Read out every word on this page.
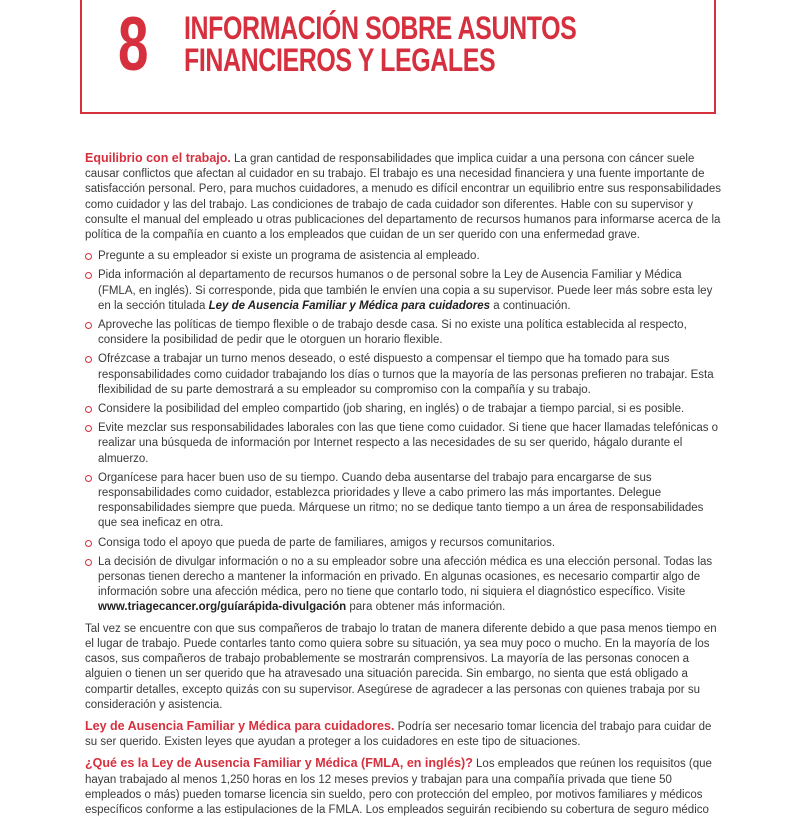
8 INFORMACIÓN SOBRE ASUNTOS
FINANCIEROS Y LEGALES

Equilibrio con el trabajo. La gran cantidad de responsabilidades que implica cuidar a una persona con cáncer suele causar conflictos que afectan al cuidador en su trabajo. El trabajo es una necesidad financiera y una fuente importante de satisfacción personal. Pero, para muchos cuidadores, a menudo es difícil encontrar un equilibrio entre sus responsabilidades como cuidador y las del trabajo. Las condiciones de trabajo de cada cuidador son diferentes. Hable con su supervisor y consulte el manual del empleado u otras publicaciones del departamento de recursos humanos para informarse acerca de la política de la compañía en cuanto a los empleados que cuidan de un ser querido con una enfermedad grave.

Pregunte a su empleador si existe un programa de asistencia al empleado.
Pida información al departamento de recursos humanos o de personal sobre la Ley de Ausencia Familiar y Médica (FMLA, en inglés). Si corresponde, pida que también le envíen una copia a su supervisor. Puede leer más sobre esta ley en la sección titulada Ley de Ausencia Familiar y Médica para cuidadores a continuación.
Aproveche las políticas de tiempo flexible o de trabajo desde casa. Si no existe una política establecida al respecto, considere la posibilidad de pedir que le otorguen un horario flexible.
Ofrézcase a trabajar un turno menos deseado, o esté dispuesto a compensar el tiempo que ha tomado para sus responsabilidades como cuidador trabajando los días o turnos que la mayoría de las personas prefieren no trabajar. Esta flexibilidad de su parte demostrará a su empleador su compromiso con la compañía y su trabajo.
Considere la posibilidad del empleo compartido (job sharing, en inglés) o de trabajar a tiempo parcial, si es posible.
Evite mezclar sus responsabilidades laborales con las que tiene como cuidador. Si tiene que hacer llamadas telefónicas o realizar una búsqueda de información por Internet respecto a las necesidades de su ser querido, hágalo durante el almuerzo.
Organícese para hacer buen uso de su tiempo. Cuando deba ausentarse del trabajo para encargarse de sus responsabilidades como cuidador, establezca prioridades y lleve a cabo primero las más importantes. Delegue responsabilidades siempre que pueda. Márquese un ritmo; no se dedique tanto tiempo a un área de responsabilidades que sea ineficaz en otra.
Consiga todo el apoyo que pueda de parte de familiares, amigos y recursos comunitarios.
La decisión de divulgar información o no a su empleador sobre una afección médica es una elección personal. Todas las personas tienen derecho a mantener la información en privado. En algunas ocasiones, es necesario compartir algo de información sobre una afección médica, pero no tiene que contarlo todo, ni siquiera el diagnóstico específico. Visite www.triagecancer.org/guíarápida-divulgación para obtener más información.

Tal vez se encuentre con que sus compañeros de trabajo lo tratan de manera diferente debido a que pasa menos tiempo en el lugar de trabajo. Puede contarles tanto como quiera sobre su situación, ya sea muy poco o mucho. En la mayoría de los casos, sus compañeros de trabajo probablemente se mostrarán comprensivos. La mayoría de las personas conocen a alguien o tienen un ser querido que ha atravesado una situación parecida. Sin embargo, no sienta que está obligado a compartir detalles, excepto quizás con su supervisor. Asegúrese de agradecer a las personas con quienes trabaja por su consideración y asistencia.

Ley de Ausencia Familiar y Médica para cuidadores. Podría ser necesario tomar licencia del trabajo para cuidar de su ser querido. Existen leyes que ayudan a proteger a los cuidadores en este tipo de situaciones.

¿Qué es la Ley de Ausencia Familiar y Médica (FMLA, en inglés)? Los empleados que reúnen los requisitos (que hayan trabajado al menos 1,250 horas en los 12 meses previos y trabajan para una compañía privada que tiene 50 empleados o más) pueden tomarse licencia sin sueldo, pero con protección del empleo, por motivos familiares y médicos específicos conforme a las estipulaciones de la FMLA. Los empleados seguirán recibiendo su cobertura de seguro médico
